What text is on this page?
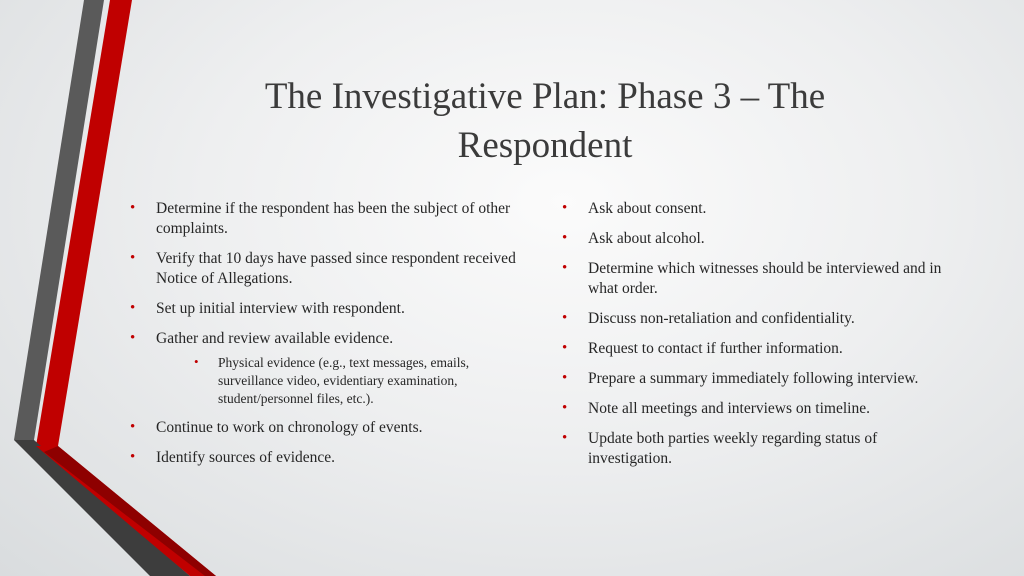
The Investigative Plan: Phase 3 – The
Respondent
• Determine if the respondent has been the subject of other complaints.
• Verify that 10 days have passed since respondent received Notice of Allegations.
• Set up initial interview with respondent.
• Gather and review available evidence.
• Physical evidence (e.g., text messages, emails, surveillance video, evidentiary examination, student/personnel files, etc.).
• Continue to work on chronology of events.
• Identify sources of evidence.
• Ask about consent.
• Ask about alcohol.
• Determine which witnesses should be interviewed and in what order.
• Discuss non-retaliation and confidentiality.
• Request to contact if further information.
• Prepare a summary immediately following interview.
• Note all meetings and interviews on timeline.
• Update both parties weekly regarding status of investigation.
